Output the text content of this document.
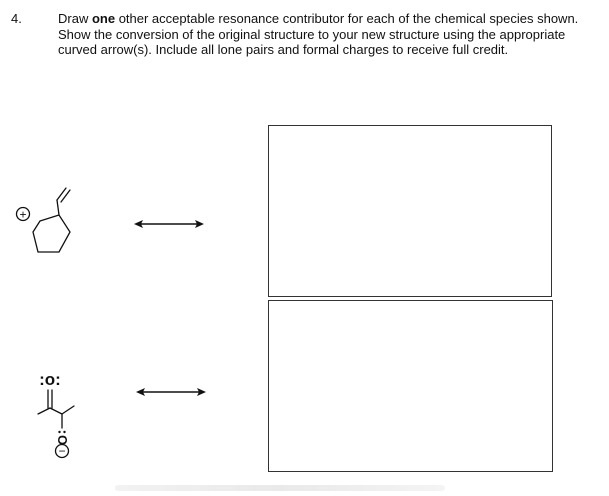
4.	Draw one other acceptable resonance contributor for each of the chemical species shown. Show the conversion of the original structure to your new structure using the appropriate curved arrow(s). Include all lone pairs and formal charges to receive full credit.
+
:o:
O
−
